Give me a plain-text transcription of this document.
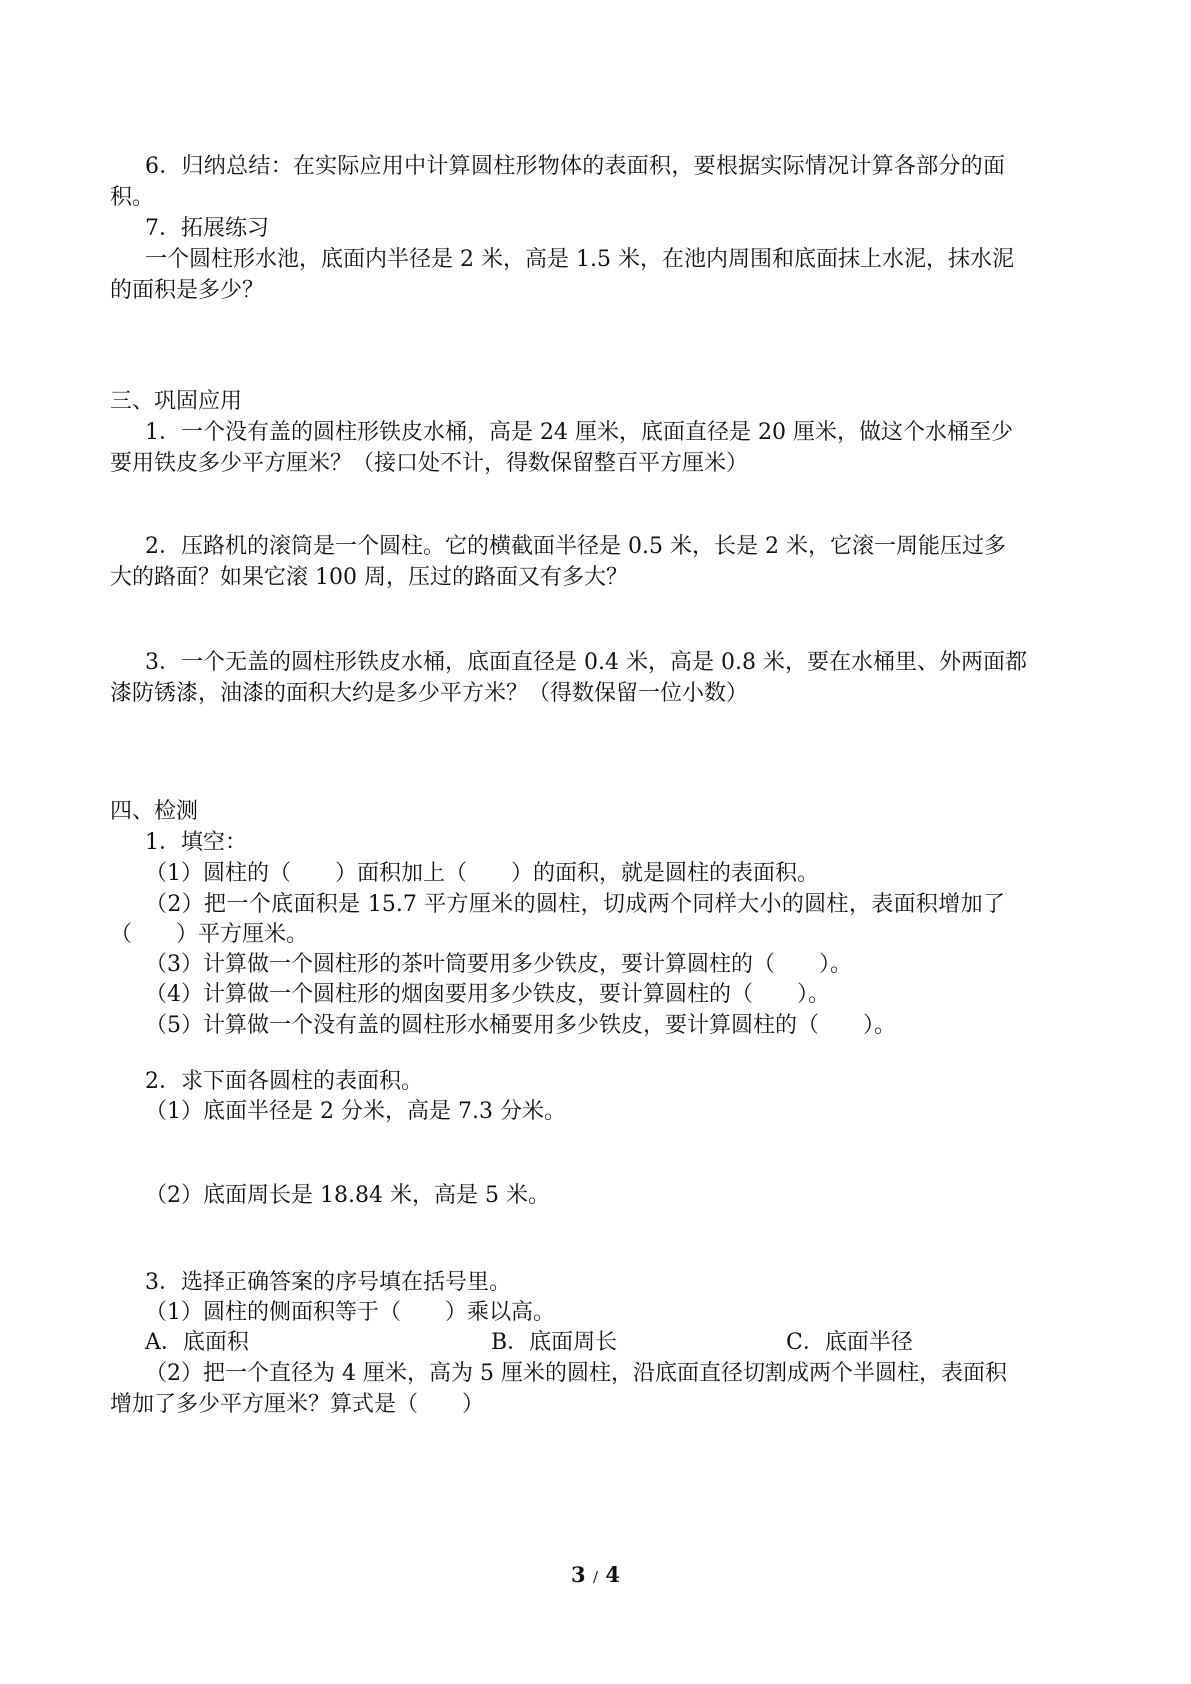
6．归纳总结：在实际应用中计算圆柱形物体的表面积，要根据实际情况计算各部分的面
积。
7．拓展练习
一个圆柱形水池，底面内半径是 2 米，高是 1.5 米，在池内周围和底面抹上水泥，抹水泥
的面积是多少？
三、巩固应用
1．一个没有盖的圆柱形铁皮水桶，高是 24 厘米，底面直径是 20 厘米，做这个水桶至少
要用铁皮多少平方厘米？（接口处不计，得数保留整百平方厘米）
2．压路机的滚筒是一个圆柱。它的横截面半径是 0.5 米，长是 2 米，它滚一周能压过多
大的路面？如果它滚 100 周，压过的路面又有多大？
3．一个无盖的圆柱形铁皮水桶，底面直径是 0.4 米，高是 0.8 米，要在水桶里、外两面都
漆防锈漆，油漆的面积大约是多少平方米？（得数保留一位小数）
四、检测
1．填空：
（1）圆柱的（　　）面积加上（　　）的面积，就是圆柱的表面积。
（2）把一个底面积是 15.7 平方厘米的圆柱，切成两个同样大小的圆柱，表面积增加了
（　　）平方厘米。
（3）计算做一个圆柱形的茶叶筒要用多少铁皮，要计算圆柱的（　　）。
（4）计算做一个圆柱形的烟囱要用多少铁皮，要计算圆柱的（　　）。
（5）计算做一个没有盖的圆柱形水桶要用多少铁皮，要计算圆柱的（　　）。
2．求下面各圆柱的表面积。
（1）底面半径是 2 分米，高是 7.3 分米。
（2）底面周长是 18.84 米，高是 5 米。
3．选择正确答案的序号填在括号里。
（1）圆柱的侧面积等于（　　）乘以高。
A．底面积	B．底面周长	C．底面半径
（2）把一个直径为 4 厘米，高为 5 厘米的圆柱，沿底面直径切割成两个半圆柱，表面积
增加了多少平方厘米？算式是（　　）
3 / 4
